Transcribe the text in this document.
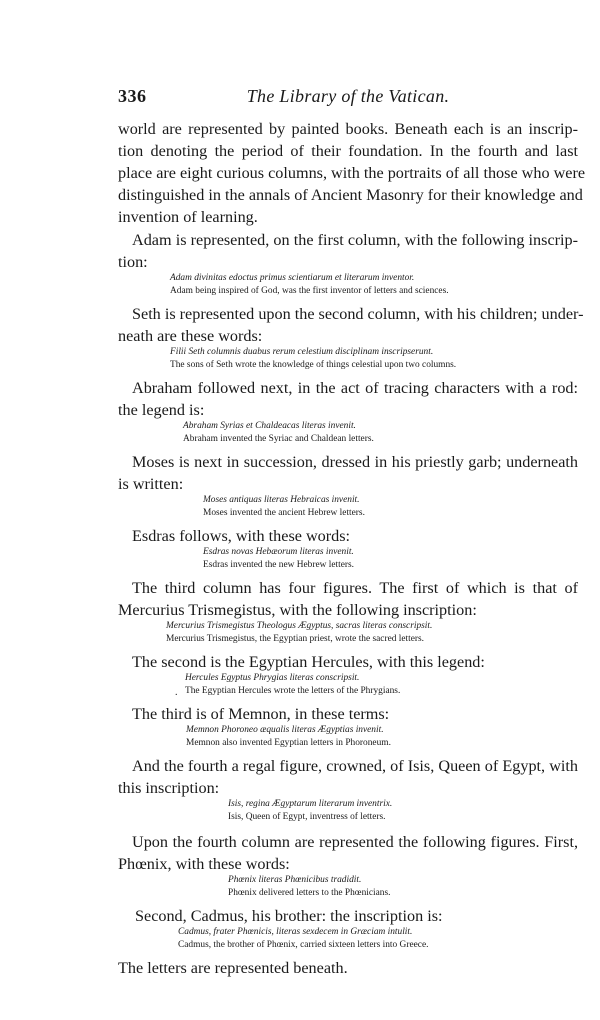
336	The Library of the Vatican.
world are represented by painted books. Beneath each is an inscrip-
tion denoting the period of their foundation. In the fourth and last
place are eight curious columns, with the portraits of all those who were
distinguished in the annals of Ancient Masonry for their knowledge and
invention of learning.
Adam is represented, on the first column, with the following inscrip-
tion:
Adam divinitas edoctus primus scientiarum et literarum inventor.
Adam being inspired of God, was the first inventor of letters and sciences.
Seth is represented upon the second column, with his children; under-
neath are these words:
Filii Seth columnis duabus rerum celestium disciplinam inscripserunt.
The sons of Seth wrote the knowledge of things celestial upon two columns.
Abraham followed next, in the act of tracing characters with a rod:
the legend is:
Abraham Syrias et Chaldeacas literas invenit.
Abraham invented the Syriac and Chaldean letters.
Moses is next in succession, dressed in his priestly garb; underneath
is written:
Moses antiquas literas Hebraicas invenit.
Moses invented the ancient Hebrew letters.
Esdras follows, with these words:
Esdras novas Hebæorum literas invenit.
Esdras invented the new Hebrew letters.
The third column has four figures. The first of which is that of
Mercurius Trismegistus, with the following inscription:
Mercurius Trismegistus Theologus Ægyptus, sacras literas conscripsit.
Mercurius Trismegistus, the Egyptian priest, wrote the sacred letters.
The second is the Egyptian Hercules, with this legend:
Hercules Egyptus Phrygias literas conscripsit.
. The Egyptian Hercules wrote the letters of the Phrygians.
The third is of Memnon, in these terms:
Memnon Phoroneo æqualis literas Ægyptias invenit.
Memnon also invented Egyptian letters in Phoroneum.
And the fourth a regal figure, crowned, of Isis, Queen of Egypt, with
this inscription:
Isis, regina Ægyptarum literarum inventrix.
Isis, Queen of Egypt, inventress of letters.
Upon the fourth column are represented the following figures. First,
Phœnix, with these words:
Phœnix literas Phœnicibus tradidit.
Phœnix delivered letters to the Phœnicians.
Second, Cadmus, his brother: the inscription is:
Cadmus, frater Phœnicis, literas sexdecem in Græciam intulit.
Cadmus, the brother of Phœnix, carried sixteen letters into Greece.
The letters are represented beneath.
